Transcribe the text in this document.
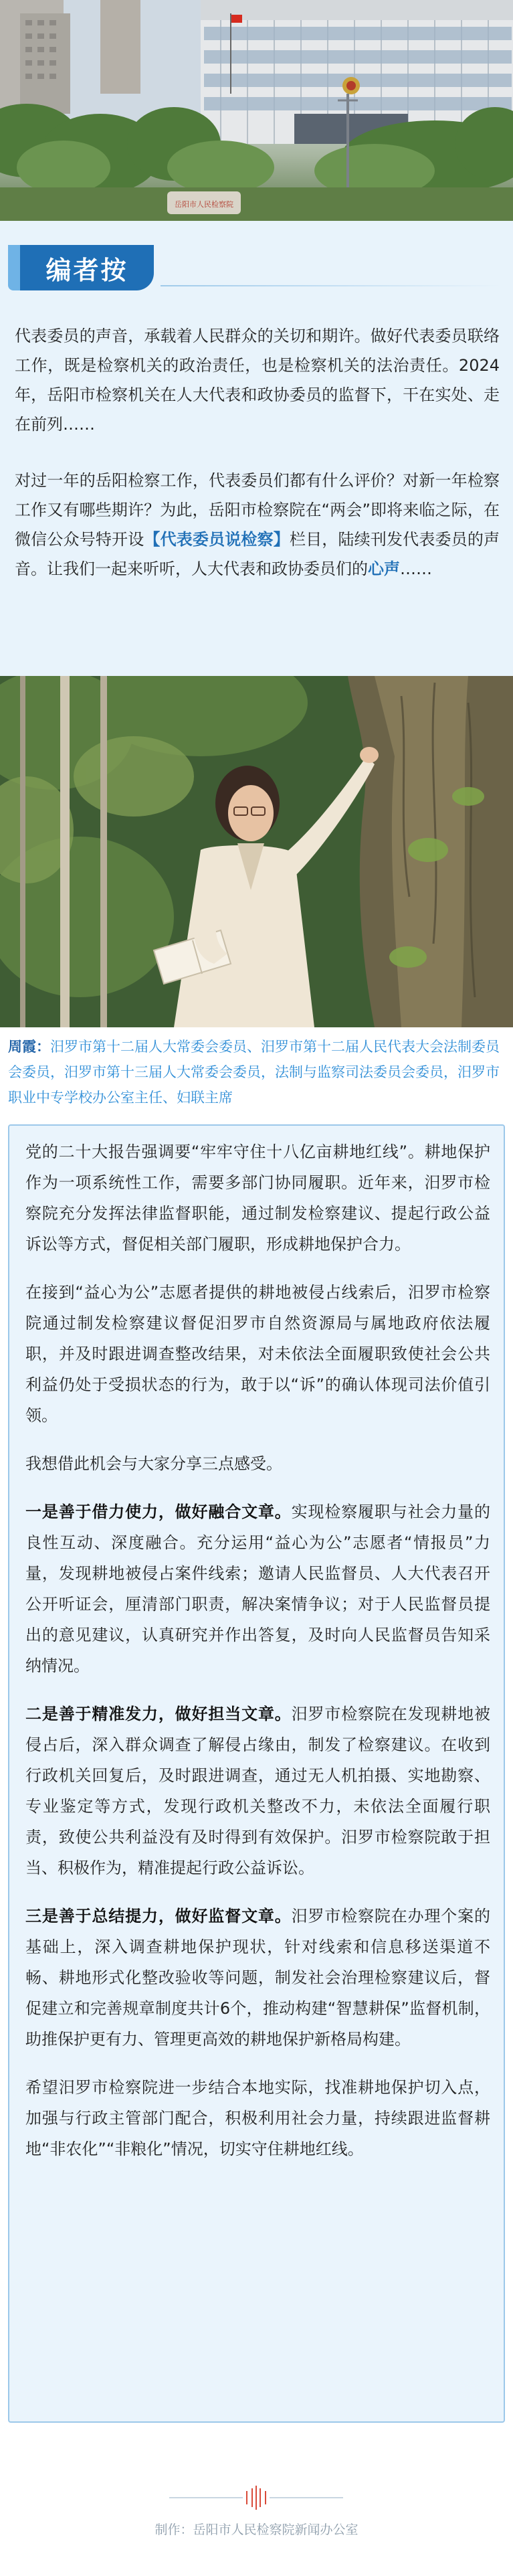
岳阳市人民检察院
编者按

代表委员的声音，承载着人民群众的关切和期许。做好代表委员联络工作，既是检察机关的政治责任，也是检察机关的法治责任。2024年，岳阳市检察机关在人大代表和政协委员的监督下，干在实处、走在前列……

对过一年的岳阳检察工作，代表委员们都有什么评价？对新一年检察工作又有哪些期许？为此，岳阳市检察院在“两会”即将来临之际，在微信公众号特开设【代表委员说检察】栏目，陆续刊发代表委员的声音。让我们一起来听听，人大代表和政协委员们的心声……

周霞：汨罗市第十二届人大常委会委员、汨罗市第十二届人民代表大会法制委员会委员，汨罗市第十三届人大常委会委员，法制与监察司法委员会委员，汨罗市职业中专学校办公室主任、妇联主席

党的二十大报告强调要“牢牢守住十八亿亩耕地红线”。耕地保护作为一项系统性工作，需要多部门协同履职。近年来，汨罗市检察院充分发挥法律监督职能，通过制发检察建议、提起行政公益诉讼等方式，督促相关部门履职，形成耕地保护合力。

在接到“益心为公”志愿者提供的耕地被侵占线索后，汨罗市检察院通过制发检察建议督促汨罗市自然资源局与属地政府依法履职，并及时跟进调查整改结果，对未依法全面履职致使社会公共利益仍处于受损状态的行为，敢于以“诉”的确认体现司法价值引领。

我想借此机会与大家分享三点感受。

一是善于借力使力，做好融合文章。实现检察履职与社会力量的良性互动、深度融合。充分运用“益心为公”志愿者“情报员”力量，发现耕地被侵占案件线索；邀请人民监督员、人大代表召开公开听证会，厘清部门职责，解决案情争议；对于人民监督员提出的意见建议，认真研究并作出答复，及时向人民监督员告知采纳情况。

二是善于精准发力，做好担当文章。汨罗市检察院在发现耕地被侵占后，深入群众调查了解侵占缘由，制发了检察建议。在收到行政机关回复后，及时跟进调查，通过无人机拍摄、实地勘察、专业鉴定等方式，发现行政机关整改不力，未依法全面履行职责，致使公共利益没有及时得到有效保护。汨罗市检察院敢于担当、积极作为，精准提起行政公益诉讼。

三是善于总结提力，做好监督文章。汨罗市检察院在办理个案的基础上，深入调查耕地保护现状，针对线索和信息移送渠道不畅、耕地形式化整改验收等问题，制发社会治理检察建议后，督促建立和完善规章制度共计6个，推动构建“智慧耕保”监督机制，助推保护更有力、管理更高效的耕地保护新格局构建。

希望汨罗市检察院进一步结合本地实际，找准耕地保护切入点，加强与行政主管部门配合，积极利用社会力量，持续跟进监督耕地“非农化”“非粮化”情况，切实守住耕地红线。

制作：岳阳市人民检察院新闻办公室
